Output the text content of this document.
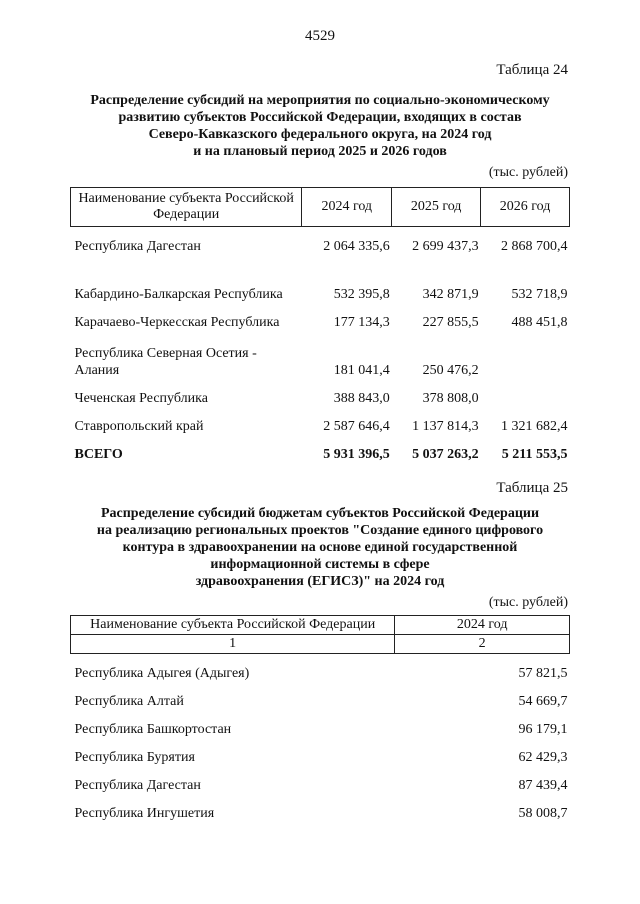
4529
Таблица 24
Распределение субсидий на мероприятия по социально-экономическому
развитию субъектов Российской Федерации, входящих в состав
Северо-Кавказского федерального округа, на 2024 год
и на плановый период 2025 и 2026 годов
(тыс. рублей)
Наименование субъекта Российской Федерации	2024 год	2025 год	2026 год
Республика Дагестан	2 064 335,6	2 699 437,3	2 868 700,4
Кабардино-Балкарская Республика	532 395,8	342 871,9	532 718,9
Карачаево-Черкесская Республика	177 134,3	227 855,5	488 451,8
Республика Северная Осетия - Алания	181 041,4	250 476,2	
Чеченская Республика	388 843,0	378 808,0	
Ставропольский край	2 587 646,4	1 137 814,3	1 321 682,4
ВСЕГО	5 931 396,5	5 037 263,2	5 211 553,5
Таблица 25
Распределение субсидий бюджетам субъектов Российской Федерации
на реализацию региональных проектов "Создание единого цифрового
контура в здравоохранении на основе единой государственной
информационной системы в сфере
здравоохранения (ЕГИСЗ)" на 2024 год
(тыс. рублей)
Наименование субъекта Российской Федерации	2024 год
1	2
Республика Адыгея (Адыгея)	57 821,5
Республика Алтай	54 669,7
Республика Башкортостан	96 179,1
Республика Бурятия	62 429,3
Республика Дагестан	87 439,4
Республика Ингушетия	58 008,7
